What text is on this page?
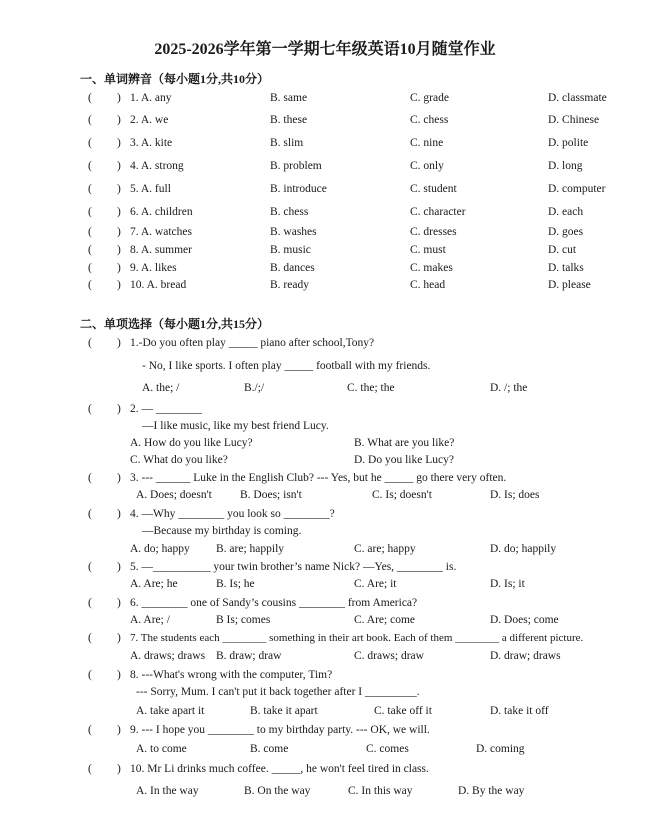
2025-2026学年第一学期七年级英语10月随堂作业
一、单词辨音（每小题1分,共10分）
( ) 1. A. any	B. same	C. grade	D. classmate
( ) 2. A. we	B. these	C. chess	D. Chinese
( ) 3. A. kite	B. slim	C. nine	D. polite
( ) 4. A. strong	B. problem	C. only	D. long
( ) 5. A. full	B. introduce	C. student	D. computer
( ) 6. A. children	B. chess	C. character	D. each
( ) 7. A. watches	B. washes	C. dresses	D. goes
( ) 8. A. summer	B. music	C. must	D. cut
( ) 9. A. likes	B. dances	C. makes	D. talks
( ) 10. A. bread	B. ready	C. head	D. please
二、单项选择（每小题1分,共15分）
( ) 1.-Do you often play _____ piano after school,Tony?
- No, I like sports. I often play _____ football with my friends.
A. the; /	B./;/	C. the; the	D. /; the
( ) 2. — ________
—I like music, like my best friend Lucy.
A. How do you like Lucy?	B. What are you like?
C. What do you like?	D. Do you like Lucy?
( ) 3. --- ______ Luke in the English Club? --- Yes, but he _____ go there very often.
A. Does; doesn't B. Does; isn't	C. Is; doesn't	D. Is; does
( ) 4. —Why ________ you look so ________?
—Because my birthday is coming.
A. do; happy B. are; happily	C. are; happy	D. do; happily
( ) 5. —__________ your twin brother’s name Nick? —Yes, ________ is.
A. Are; he	B. Is; he	C. Are; it	D. Is; it
( ) 6. ________ one of Sandy’s cousins ________ from America?
A. Are; /	B Is; comes	C. Are; come	D. Does; come
( ) 7. The students each ________ something in their art book. Each of them ________ a different picture.
A. draws; draws B. draw; draw	C. draws; draw	D. draw; draws
( ) 8. ---What's wrong with the computer, Tim?
--- Sorry, Mum. I can't put it back together after I _________.
A. take apart it	B. take it apart	C. take off it	D. take it off
( ) 9. --- I hope you ________ to my birthday party. --- OK, we will.
A. to come	B. come	C. comes	D. coming
( ) 10. Mr Li drinks much coffee. _____, he won't feel tired in class.
A. In the way	B. On the way	C. In this way	D. By the way
